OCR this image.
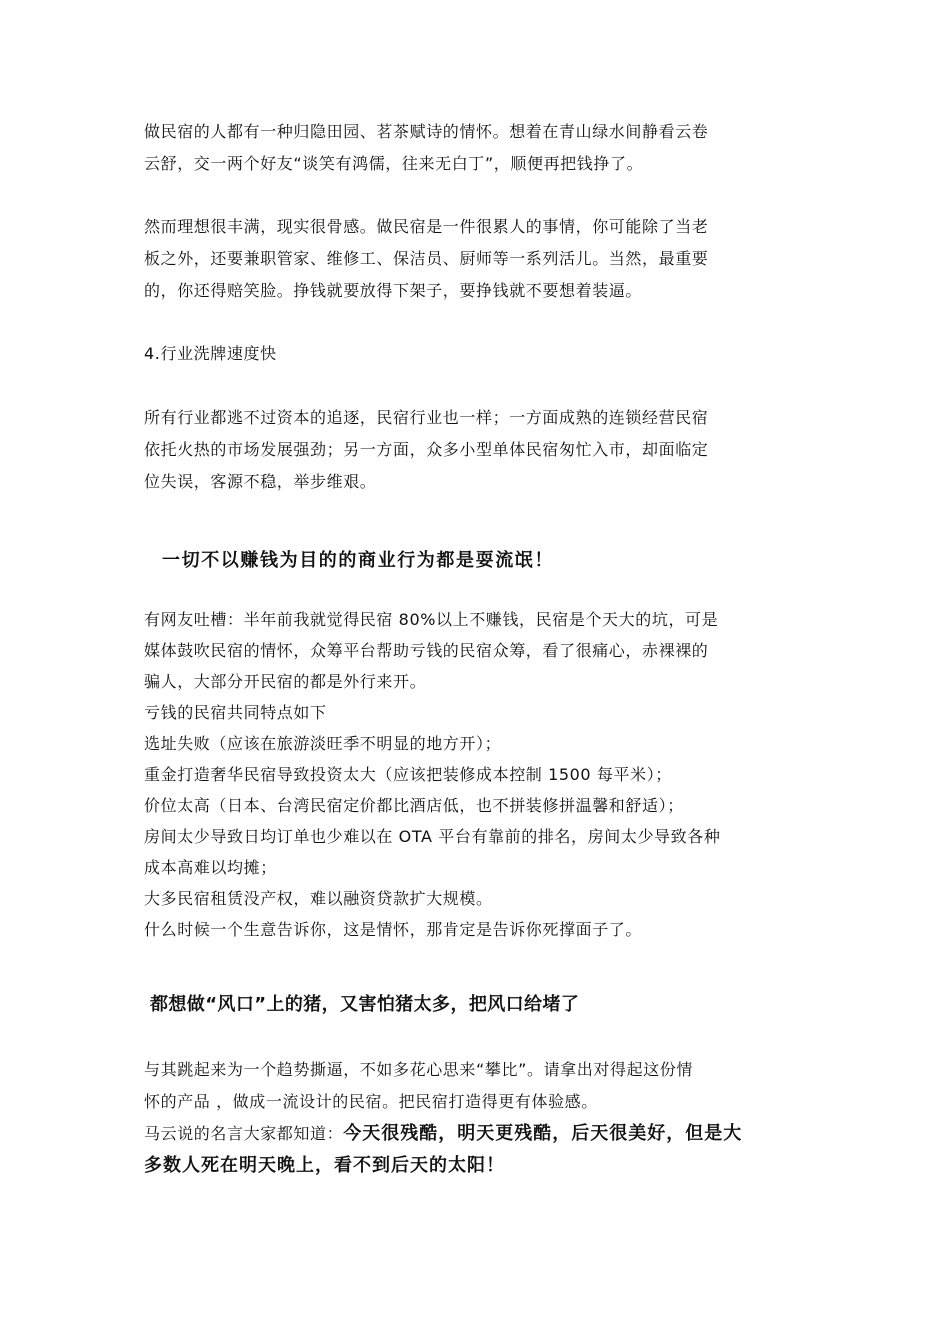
做民宿的人都有一种归隐田园、茗茶赋诗的情怀。想着在青山绿水间静看云卷
云舒，交一两个好友“谈笑有鸿儒，往来无白丁”，顺便再把钱挣了。
然而理想很丰满，现实很骨感。做民宿是一件很累人的事情，你可能除了当老
板之外，还要兼职管家、维修工、保洁员、厨师等一系列活儿。当然，最重要
的，你还得赔笑脸。挣钱就要放得下架子，要挣钱就不要想着装逼。
4.行业洗牌速度快
所有行业都逃不过资本的追逐，民宿行业也一样；一方面成熟的连锁经营民宿
依托火热的市场发展强劲；另一方面，众多小型单体民宿匆忙入市，却面临定
位失误，客源不稳，举步维艰。
一切不以赚钱为目的的商业行为都是耍流氓！
有网友吐槽：半年前我就觉得民宿 80%以上不赚钱，民宿是个天大的坑，可是
媒体鼓吹民宿的情怀，众筹平台帮助亏钱的民宿众筹，看了很痛心，赤裸裸的
骗人，大部分开民宿的都是外行来开。
亏钱的民宿共同特点如下
选址失败（应该在旅游淡旺季不明显的地方开）；
重金打造奢华民宿导致投资太大（应该把装修成本控制 1500 每平米）；
价位太高（日本、台湾民宿定价都比酒店低，也不拼装修拼温馨和舒适）；
房间太少导致日均订单也少难以在 OTA 平台有靠前的排名，房间太少导致各种
成本高难以均摊；
大多民宿租赁没产权，难以融资贷款扩大规模。
什么时候一个生意告诉你，这是情怀，那肯定是告诉你死撑面子了。
都想做“风口”上的猪，又害怕猪太多，把风口给堵了
与其跳起来为一个趋势撕逼，不如多花心思来“攀比”。请拿出对得起这份情
怀的产品 ，做成一流设计的民宿。把民宿打造得更有体验感。
马云说的名言大家都知道：今天很残酷，明天更残酷，后天很美好，但是大
多数人死在明天晚上，看不到后天的太阳！
